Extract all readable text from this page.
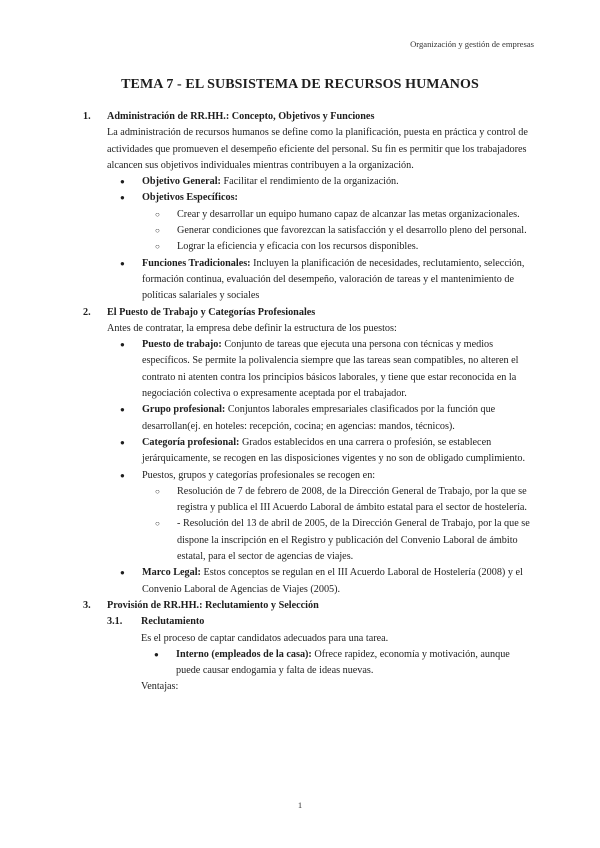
Organización y gestión de empresas
TEMA 7 - EL SUBSISTEMA DE RECURSOS HUMANOS
1. Administración de RR.HH.: Concepto, Objetivos y Funciones

La administración de recursos humanos se define como la planificación, puesta en práctica y control de actividades que promueven el desempeño eficiente del personal. Su fin es permitir que los trabajadores alcancen sus objetivos individuales mientras contribuyen a la organización.

● Objetivo General: Facilitar el rendimiento de la organización.
● Objetivos Específicos:
○ Crear y desarrollar un equipo humano capaz de alcanzar las metas organizacionales.
○ Generar condiciones que favorezcan la satisfacción y el desarrollo pleno del personal.
○ Lograr la eficiencia y eficacia con los recursos disponibles.
● Funciones Tradicionales: Incluyen la planificación de necesidades, reclutamiento, selección, formación continua, evaluación del desempeño, valoración de tareas y el mantenimiento de políticas salariales y sociales
2. El Puesto de Trabajo y Categorías Profesionales

Antes de contratar, la empresa debe definir la estructura de los puestos:

● Puesto de trabajo: Conjunto de tareas que ejecuta una persona con técnicas y medios específicos. Se permite la polivalencia siempre que las tareas sean compatibles, no alteren el contrato ni atenten contra los principios básicos laborales, y tiene que estar reconocida en la negociación colectiva o expresamente aceptada por el trabajador.
● Grupo profesional: Conjuntos laborales empresariales clasificados por la función que desarrollan(ej. en hoteles: recepción, cocina; en agencias: mandos, técnicos).
● Categoría profesional: Grados establecidos en una carrera o profesión, se establecen jerárquicamente, se recogen en las disposiciones vigentes y no son de obligado cumplimiento.
● Puestos, grupos y categorías profesionales se recogen en:
○ Resolución de 7 de febrero de 2008, de la Dirección General de Trabajo, por la que se registra y publica el III Acuerdo Laboral de ámbito estatal para el sector de hostelería.
○ - Resolución del 13 de abril de 2005, de la Dirección General de Trabajo, por la que se dispone la inscripción en el Registro y publicación del Convenio Laboral de ámbito estatal, para el sector de agencias de viajes.
● Marco Legal: Estos conceptos se regulan en el III Acuerdo Laboral de Hostelería (2008) y el Convenio Laboral de Agencias de Viajes (2005).
3. Provisión de RR.HH.: Reclutamiento y Selección
3.1. Reclutamiento

Es el proceso de captar candidatos adecuados para una tarea.

● Interno (empleados de la casa): Ofrece rapidez, economía y motivación, aunque puede causar endogamia y falta de ideas nuevas.

Ventajas:

1
